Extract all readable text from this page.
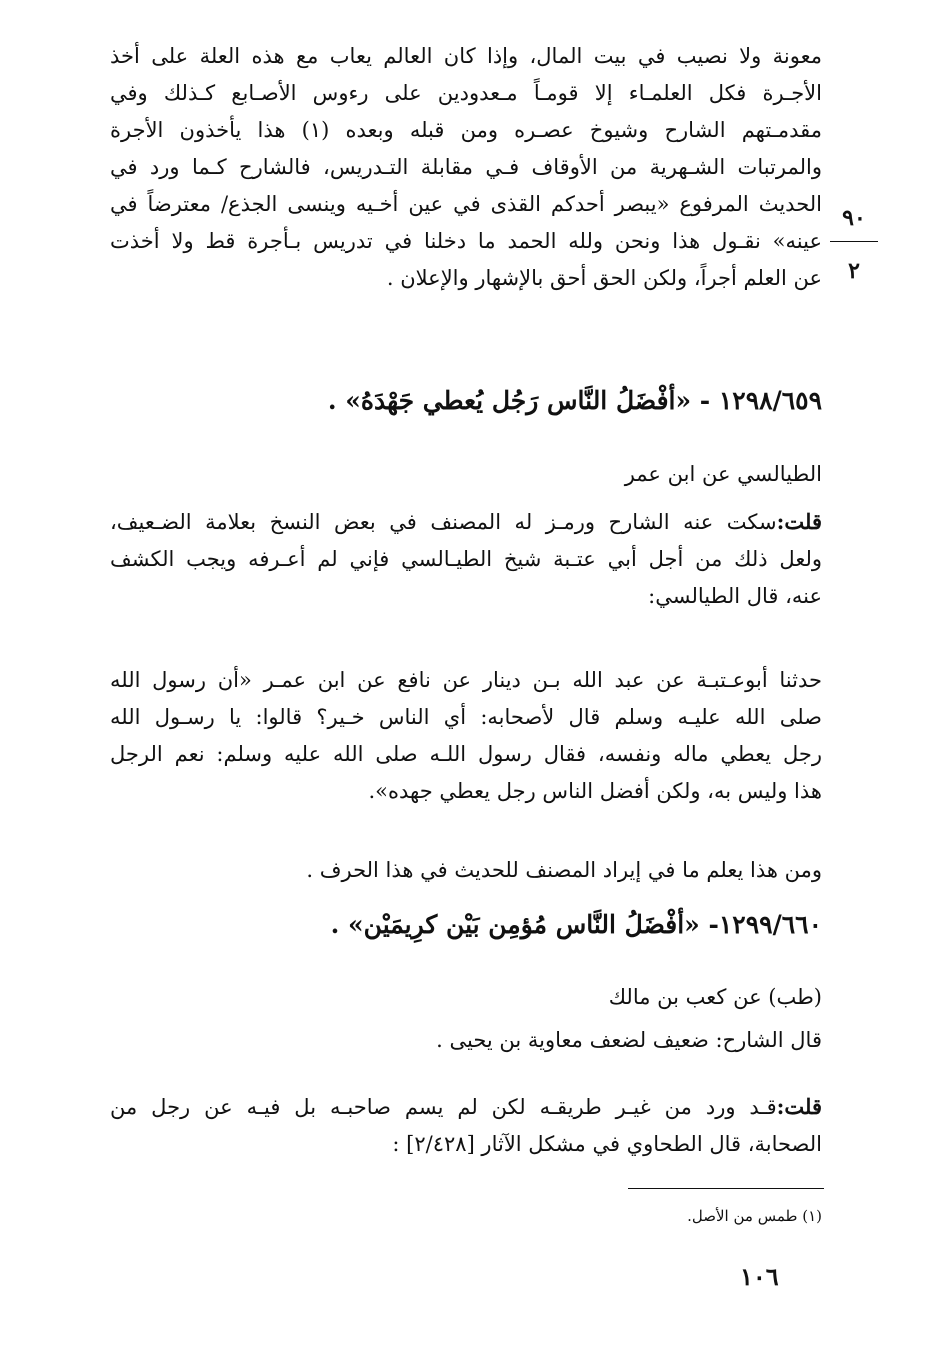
٩٠
٢
معونة ولا نصيب في بيت المال، وإذا كان العالم يعاب مع هذه العلة على أخذ
الأجـرة فكل العلمـاء إلا قومـاً مـعدودين على رءوس الأصـابع كـذلك وفي
مقدمـتهم الشارح وشيوخ عصـره ومن قبله وبعده (١) هذا يأخذون الأجرة
والمرتبات الشـهرية من الأوقاف فـي مقابلة التـدريس، فالشارح كـما ورد في
الحديث المرفوع «يبصر أحدكم القذى في عين أخـيه وينسى الجذع/ معترضاً في
عينه» نقـول هذا ونحن ولله الحمد ما دخلنا في تدريس بـأجرة قط ولا أخذت
عن العلم أجراً، ولكن الحق أحق بالإشهار والإعلان .
١٢٩٨/٦٥٩ - «أفْضَلُ النَّاس رَجُل يُعطي جَهْدَهُ» .
الطيالسي عن ابن عمر
قلت:سكت عنه الشارح ورمـز له المصنف في بعض النسخ بعلامة الضـعيف،
ولعل ذلك من أجل أبي عتـبة شيخ الطيـالسي فإني لم أعـرفه ويجب الكشف
عنه، قال الطيالسي:
حدثنا أبوعـتبـة عن عبد الله بـن دينار عن نافع عن ابن عمـر «أن رسول الله
صلى الله عليـه وسلم قال لأصحابه: أي الناس خـير؟ قالوا: يا رسـول الله
رجل يعطي ماله ونفسه، فقال رسول اللـه صلى الله عليه وسلم: نعم الرجل
هذا وليس به، ولكن أفضل الناس رجل يعطي جهده».
ومن هذا يعلم ما في إيراد المصنف للحديث في هذا الحرف .
١٢٩٩/٦٦٠- «أفْضَلُ النَّاس مُؤمِن بَيْن كرِيمَيْن» .
(طب) عن كعب بن مالك
قال الشارح: ضعيف لضعف معاوية بن يحيى .
قلت:قـد ورد من غيـر طريقـه لكن لم يسم صاحبـه بل فيـه عن رجل من
الصحابة، قال الطحاوي في مشكل الآثار [٢/٤٢٨] :
(١) طمس من الأصل.
١٠٦
